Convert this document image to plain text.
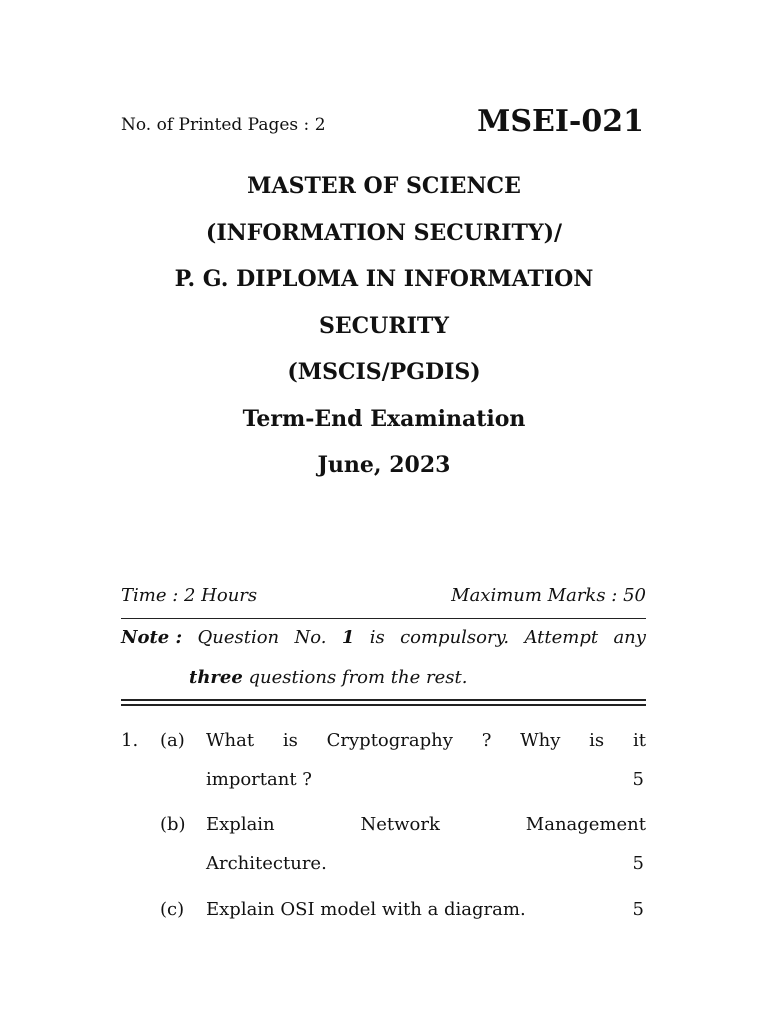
No. of Printed Pages : 2	MSEI-021
MASTER OF SCIENCE
(INFORMATION SECURITY)/
P. G. DIPLOMA IN INFORMATION
SECURITY
(MSCIS/PGDIS)
Term-End Examination
June, 2023
Time : 2 Hours	Maximum Marks : 50
Note : Question No. 1 is compulsory. Attempt any
three questions from the rest.
1. (a) What is Cryptography ? Why is it
important ?	5
(b) Explain	Network	Management
Architecture.	5
(c) Explain OSI model with a diagram.	5
